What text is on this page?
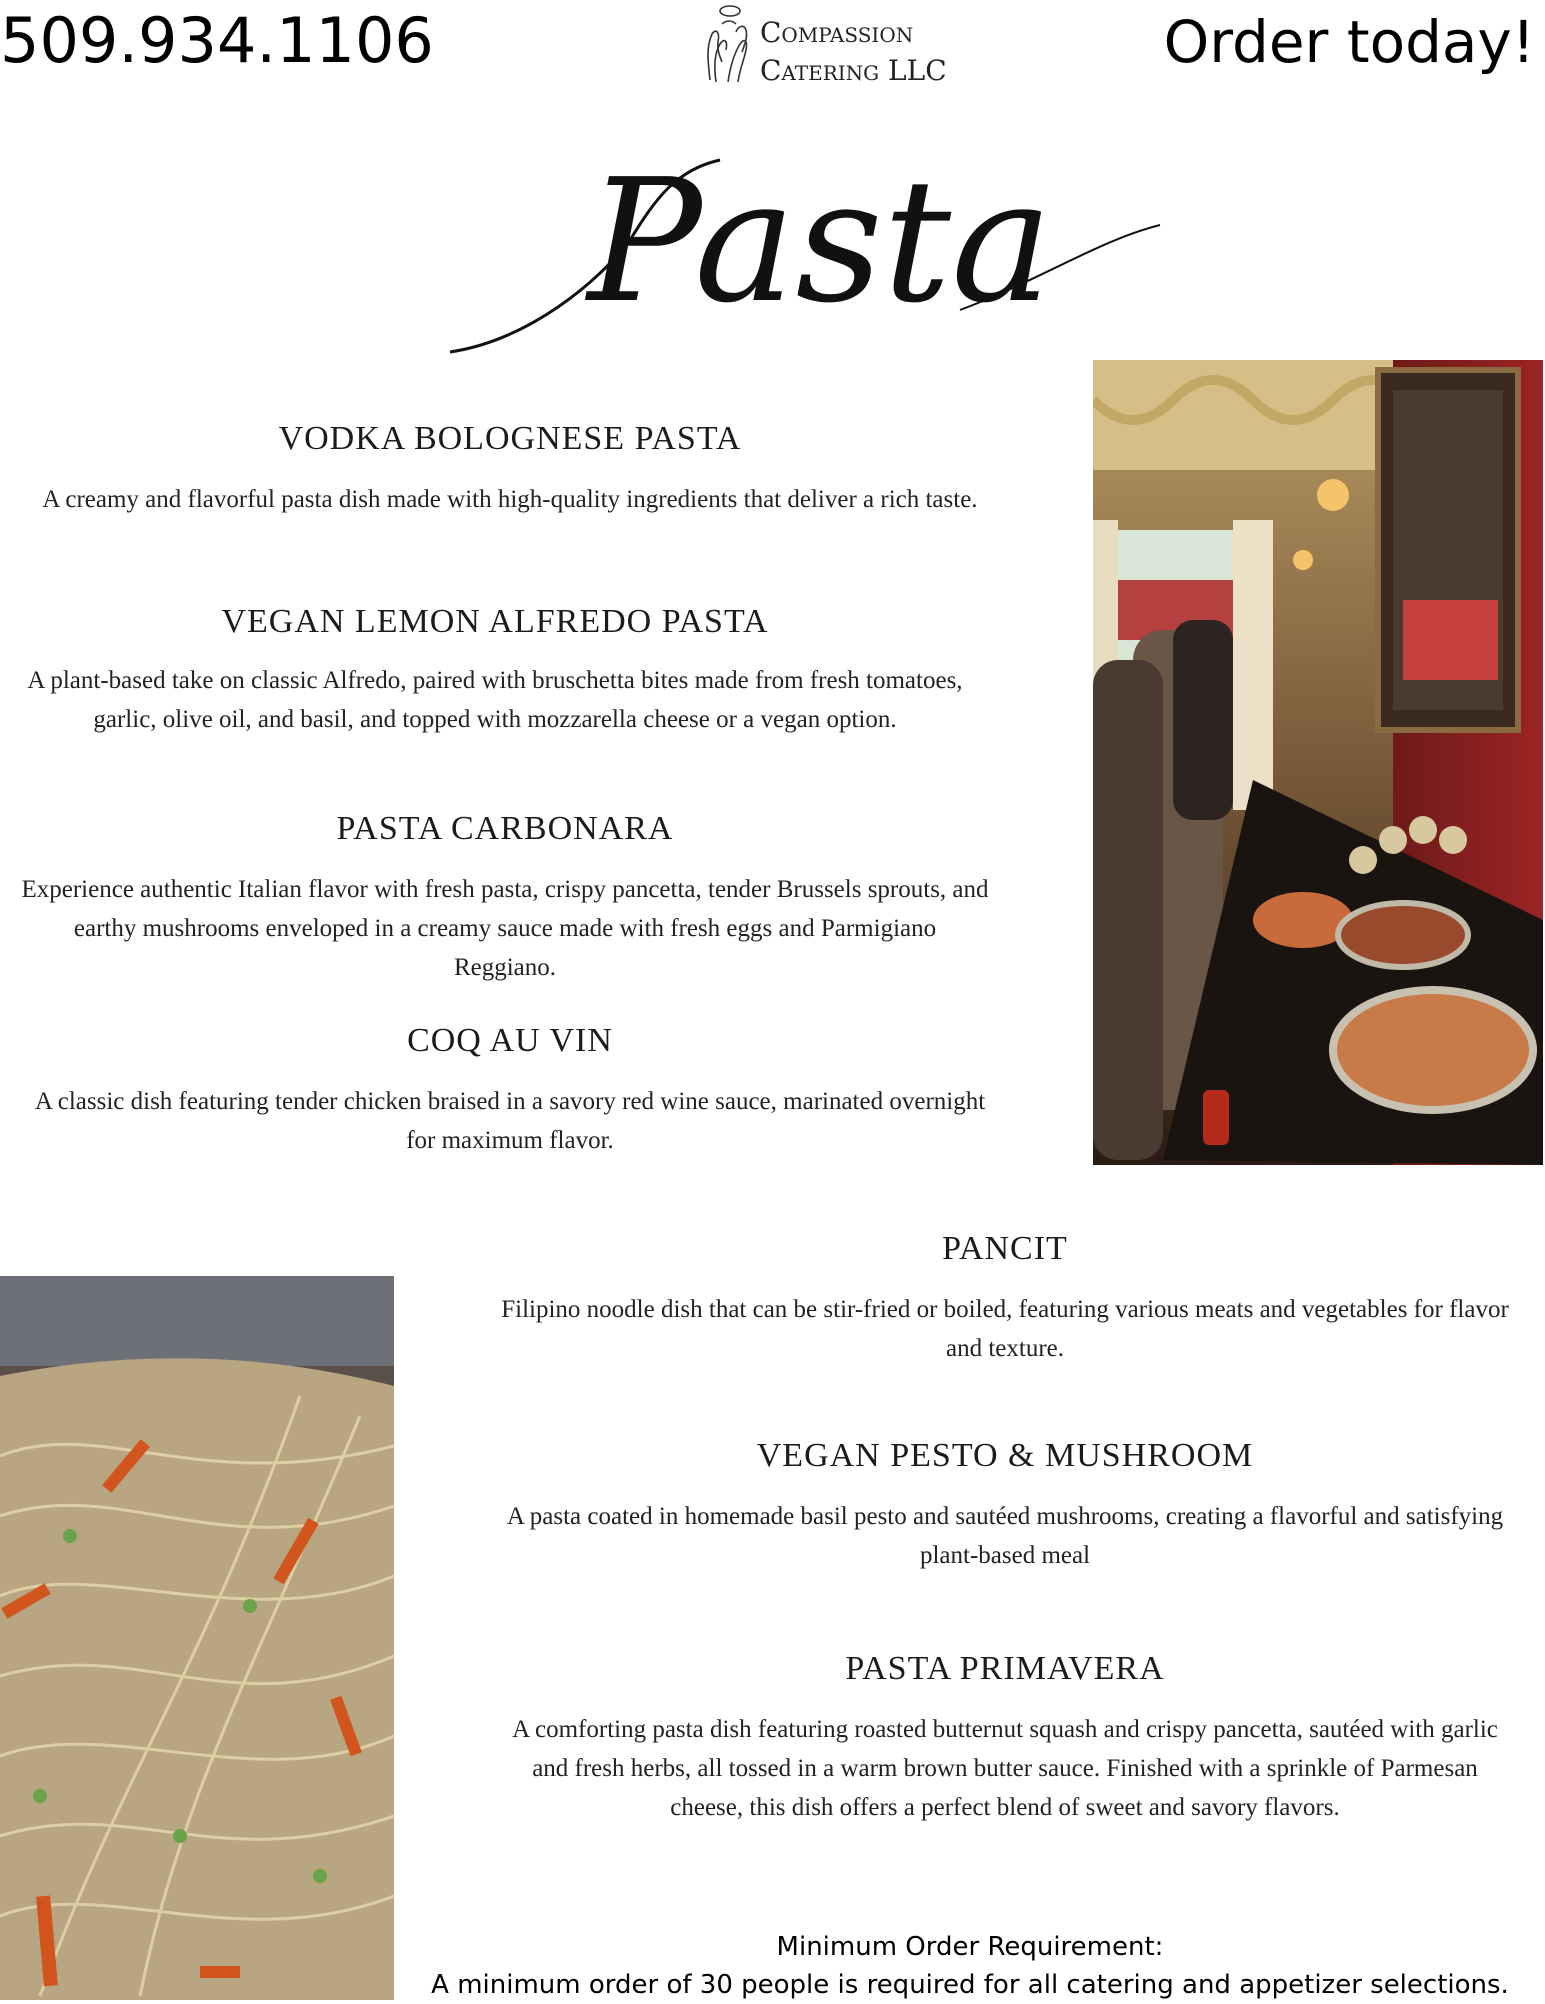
509.934.1106	Compassion
Catering LLC	Order today!
Pasta
VODKA BOLOGNESE PASTA

A creamy and flavorful pasta dish made with high-quality ingredients that deliver a rich taste.

VEGAN LEMON ALFREDO PASTA

A plant-based take on classic Alfredo, paired with bruschetta bites made from fresh tomatoes, garlic, olive oil, and basil, and topped with mozzarella cheese or a vegan option.

PASTA CARBONARA

Experience authentic Italian flavor with fresh pasta, crispy pancetta, tender Brussels sprouts, and earthy mushrooms enveloped in a creamy sauce made with fresh eggs and Parmigiano Reggiano.

COQ AU VIN

A classic dish featuring tender chicken braised in a savory red wine sauce, marinated overnight for maximum flavor.

PANCIT

Filipino noodle dish that can be stir-fried or boiled, featuring various meats and vegetables for flavor and texture.

VEGAN PESTO & MUSHROOM

A pasta coated in homemade basil pesto and sautéed mushrooms, creating a flavorful and satisfying plant-based meal

PASTA PRIMAVERA

A comforting pasta dish featuring roasted butternut squash and crispy pancetta, sautéed with garlic and fresh herbs, all tossed in a warm brown butter sauce. Finished with a sprinkle of Parmesan cheese, this dish offers a perfect blend of sweet and savory flavors.

Minimum Order Requirement:
A minimum order of 30 people is required for all catering and appetizer selections.
